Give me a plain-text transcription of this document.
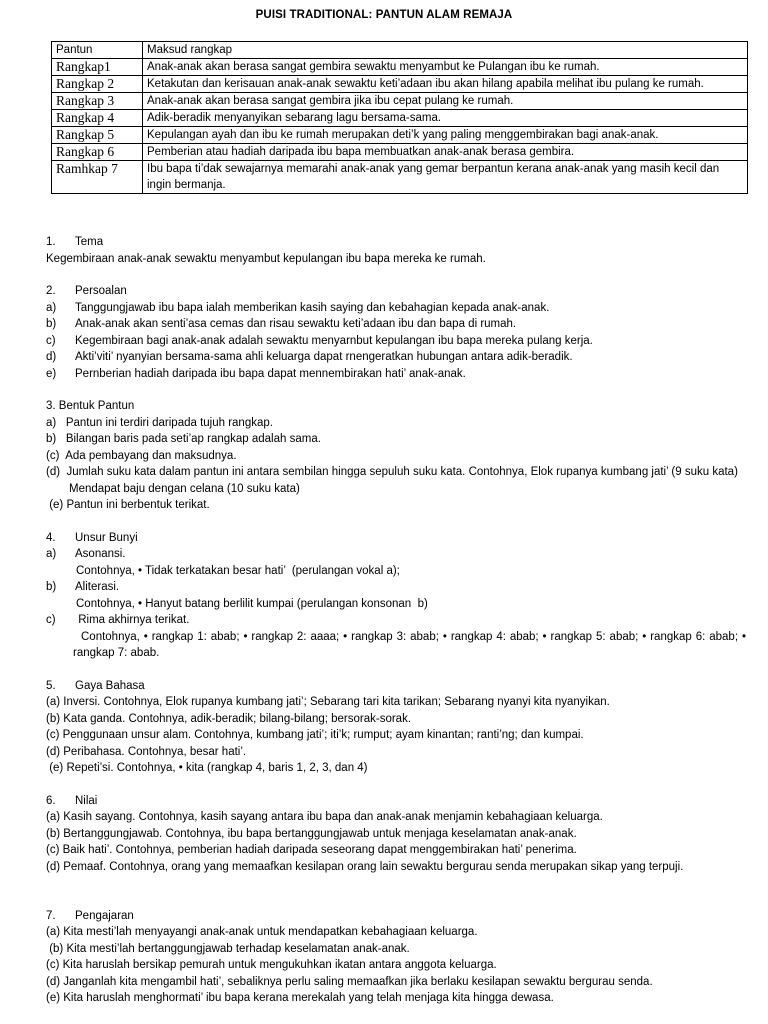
PUISI TRADITIONAL: PANTUN ALAM REMAJA
Pantun	Maksud rangkap
Rangkap1	Anak-anak akan berasa sangat gembira sewaktu menyambut ke Pulangan ibu ke rumah.
Rangkap 2	Ketakutan dan kerisauan anak-anak sewaktu keti’adaan ibu akan hilang apabila melihat ibu pulang ke rumah.
Rangkap 3	Anak-anak akan berasa sangat gembira jika ibu cepat pulang ke rumah.
Rangkap 4	Adik-beradik menyanyikan sebarang lagu bersama-sama.
Rangkap 5	Kepulangan ayah dan ibu ke rumah merupakan deti’k yang paling menggembirakan bagi anak-anak.
Rangkap 6	Pemberian atau hadiah daripada ibu bapa membuatkan anak-anak berasa gembira.
Ramhkap 7	Ibu bapa ti’dak sewajarnya memarahi anak-anak yang gemar berpantun kerana anak-anak yang masih kecil dan ingin bermanja.
1. Tema
Kegembiraan anak-anak sewaktu menyambut kepulangan ibu bapa mereka ke rumah.
2. Persoalan
a) Tanggungjawab ibu bapa ialah memberikan kasih saying dan kebahagian kepada anak-anak.
b) Anak-anak akan senti’asa cemas dan risau sewaktu keti’adaan ibu dan bapa di rumah.
c) Kegembiraan bagi anak-anak adalah sewaktu menyarnbut kepulangan ibu bapa mereka pulang kerja.
d) Akti’viti’ nyanyian bersama-sama ahli keluarga dapat rnengeratkan hubungan antara adik-beradik.
e) Pernberian hadiah daripada ibu bapa dapat mennembirakan hati’ anak-anak.
3. Bentuk Pantun
a) Pantun ini terdiri daripada tujuh rangkap.
b) Bilangan baris pada seti’ap rangkap adalah sama.
(c) Ada pembayang dan maksudnya.
(d) Jumlah suku kata dalam pantun ini antara sembilan hingga sepuluh suku kata. Contohnya, Elok rupanya kumbang jati’ (9 suku kata) Mendapat baju dengan celana (10 suku kata)
(e) Pantun ini berbentuk terikat.
4. Unsur Bunyi
a) Asonansi.
Contohnya, • Tidak terkatakan besar hati’  (perulangan vokal a);
b) Aliterasi.
Contohnya, • Hanyut batang berlilit kumpai (perulangan konsonan  b)
c) Rima akhirnya terikat.
Contohnya, • rangkap 1: abab; • rangkap 2: aaaa; • rangkap 3: abab; • rangkap 4: abab; • rangkap 5: abab; • rangkap 6: abab; • rangkap 7: abab.
5. Gaya Bahasa
(a) Inversi. Contohnya, Elok rupanya kumbang jati’; Sebarang tari kita tarikan; Sebarang nyanyi kita nyanyikan.
(b) Kata ganda. Contohnya, adik-beradik; bilang-bilang; bersorak-sorak.
(c) Penggunaan unsur alam. Contohnya, kumbang jati’; iti’k; rumput; ayam kinantan; ranti’ng; dan kumpai.
(d) Peribahasa. Contohnya, besar hati’.
(e) Repeti’si. Contohnya, • kita (rangkap 4, baris 1, 2, 3, dan 4)
6. Nilai
(a) Kasih sayang. Contohnya, kasih sayang antara ibu bapa dan anak-anak menjamin kebahagiaan keluarga.
(b) Bertanggungjawab. Contohnya, ibu bapa bertanggungjawab untuk menjaga keselamatan anak-anak.
(c) Baik hati’. Contohnya, pemberian hadiah daripada seseorang dapat menggembirakan hati’ penerima.
(d) Pemaaf. Contohnya, orang yang memaafkan kesilapan orang lain sewaktu bergurau senda merupakan sikap yang terpuji.
7. Pengajaran
(a) Kita mesti’lah menyayangi anak-anak untuk mendapatkan kebahagiaan keluarga.
(b) Kita mesti’lah bertanggungjawab terhadap keselamatan anak-anak.
(c) Kita haruslah bersikap pemurah untuk mengukuhkan ikatan antara anggota keluarga.
(d) Janganlah kita mengambil hati’, sebaliknya perlu saling memaafkan jika berlaku kesilapan sewaktu bergurau senda.
(e) Kita haruslah menghormati’ ibu bapa kerana merekalah yang telah menjaga kita hingga dewasa.
